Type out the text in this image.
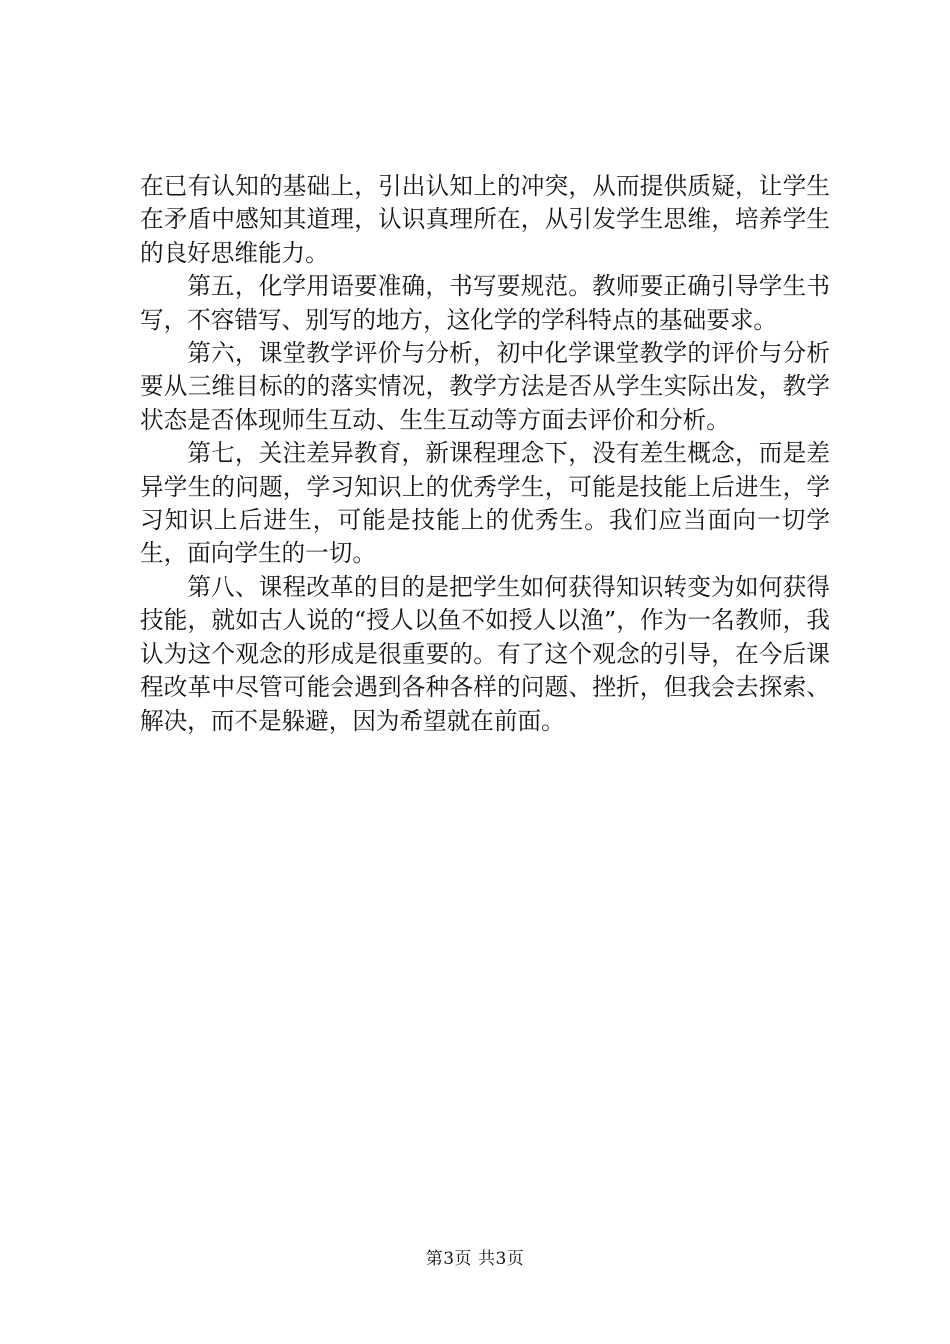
在已有认知的基础上，引出认知上的冲突，从而提供质疑，让学生在矛盾中感知其道理，认识真理所在，从引发学生思维，培养学生的良好思维能力。

第五，化学用语要准确，书写要规范。教师要正确引导学生书写，不容错写、别写的地方，这化学的学科特点的基础要求。

第六，课堂教学评价与分析，初中化学课堂教学的评价与分析要从三维目标的的落实情况，教学方法是否从学生实际出发，教学状态是否体现师生互动、生生互动等方面去评价和分析。

第七，关注差异教育，新课程理念下，没有差生概念，而是差异学生的问题，学习知识上的优秀学生，可能是技能上后进生，学习知识上后进生，可能是技能上的优秀生。我们应当面向一切学生，面向学生的一切。

第八、课程改革的目的是把学生如何获得知识转变为如何获得技能，就如古人说的“授人以鱼不如授人以渔”，作为一名教师，我认为这个观念的形成是很重要的。有了这个观念的引导，在今后课程改革中尽管可能会遇到各种各样的问题、挫折，但我会去探索、解决，而不是躲避，因为希望就在前面。

第3页 共3页
